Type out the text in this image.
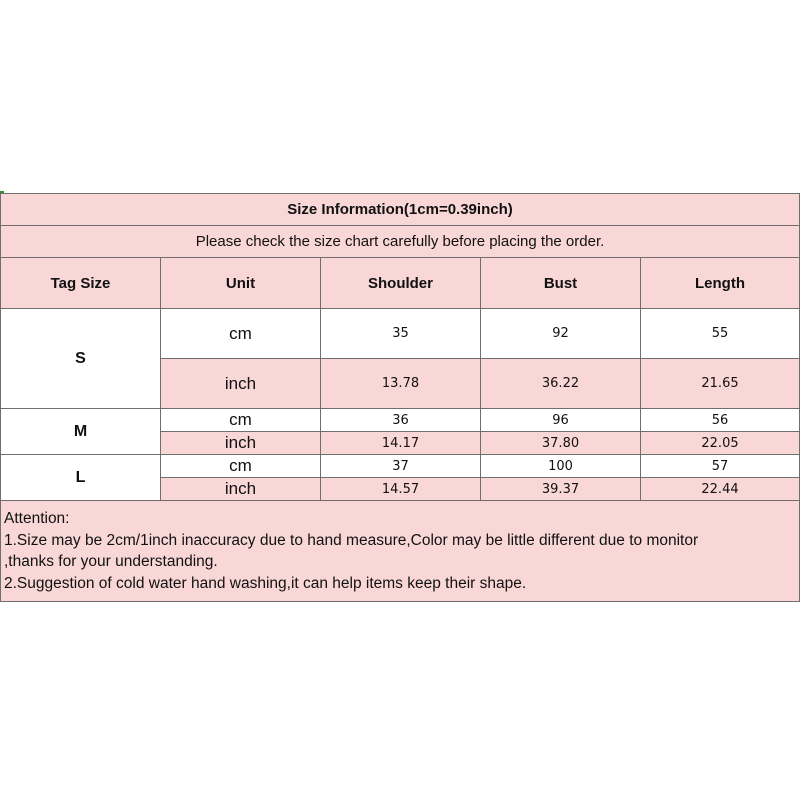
Size Information(1cm=0.39inch)				
Please check the size chart carefully before placing the order.				
Tag Size	Unit	Shoulder	Bust	Length
S	cm	35	92	55
	inch	13.78	36.22	21.65
M	cm	36	96	56
	inch	14.17	37.80	22.05
L	cm	37	100	57
	inch	14.57	39.37	22.44

Attention:
1.Size may be 2cm/1inch inaccuracy due to hand measure,Color may be little different due to monitor
,thanks for your understanding.
2.Suggestion of cold water hand washing,it can help items keep their shape.				
